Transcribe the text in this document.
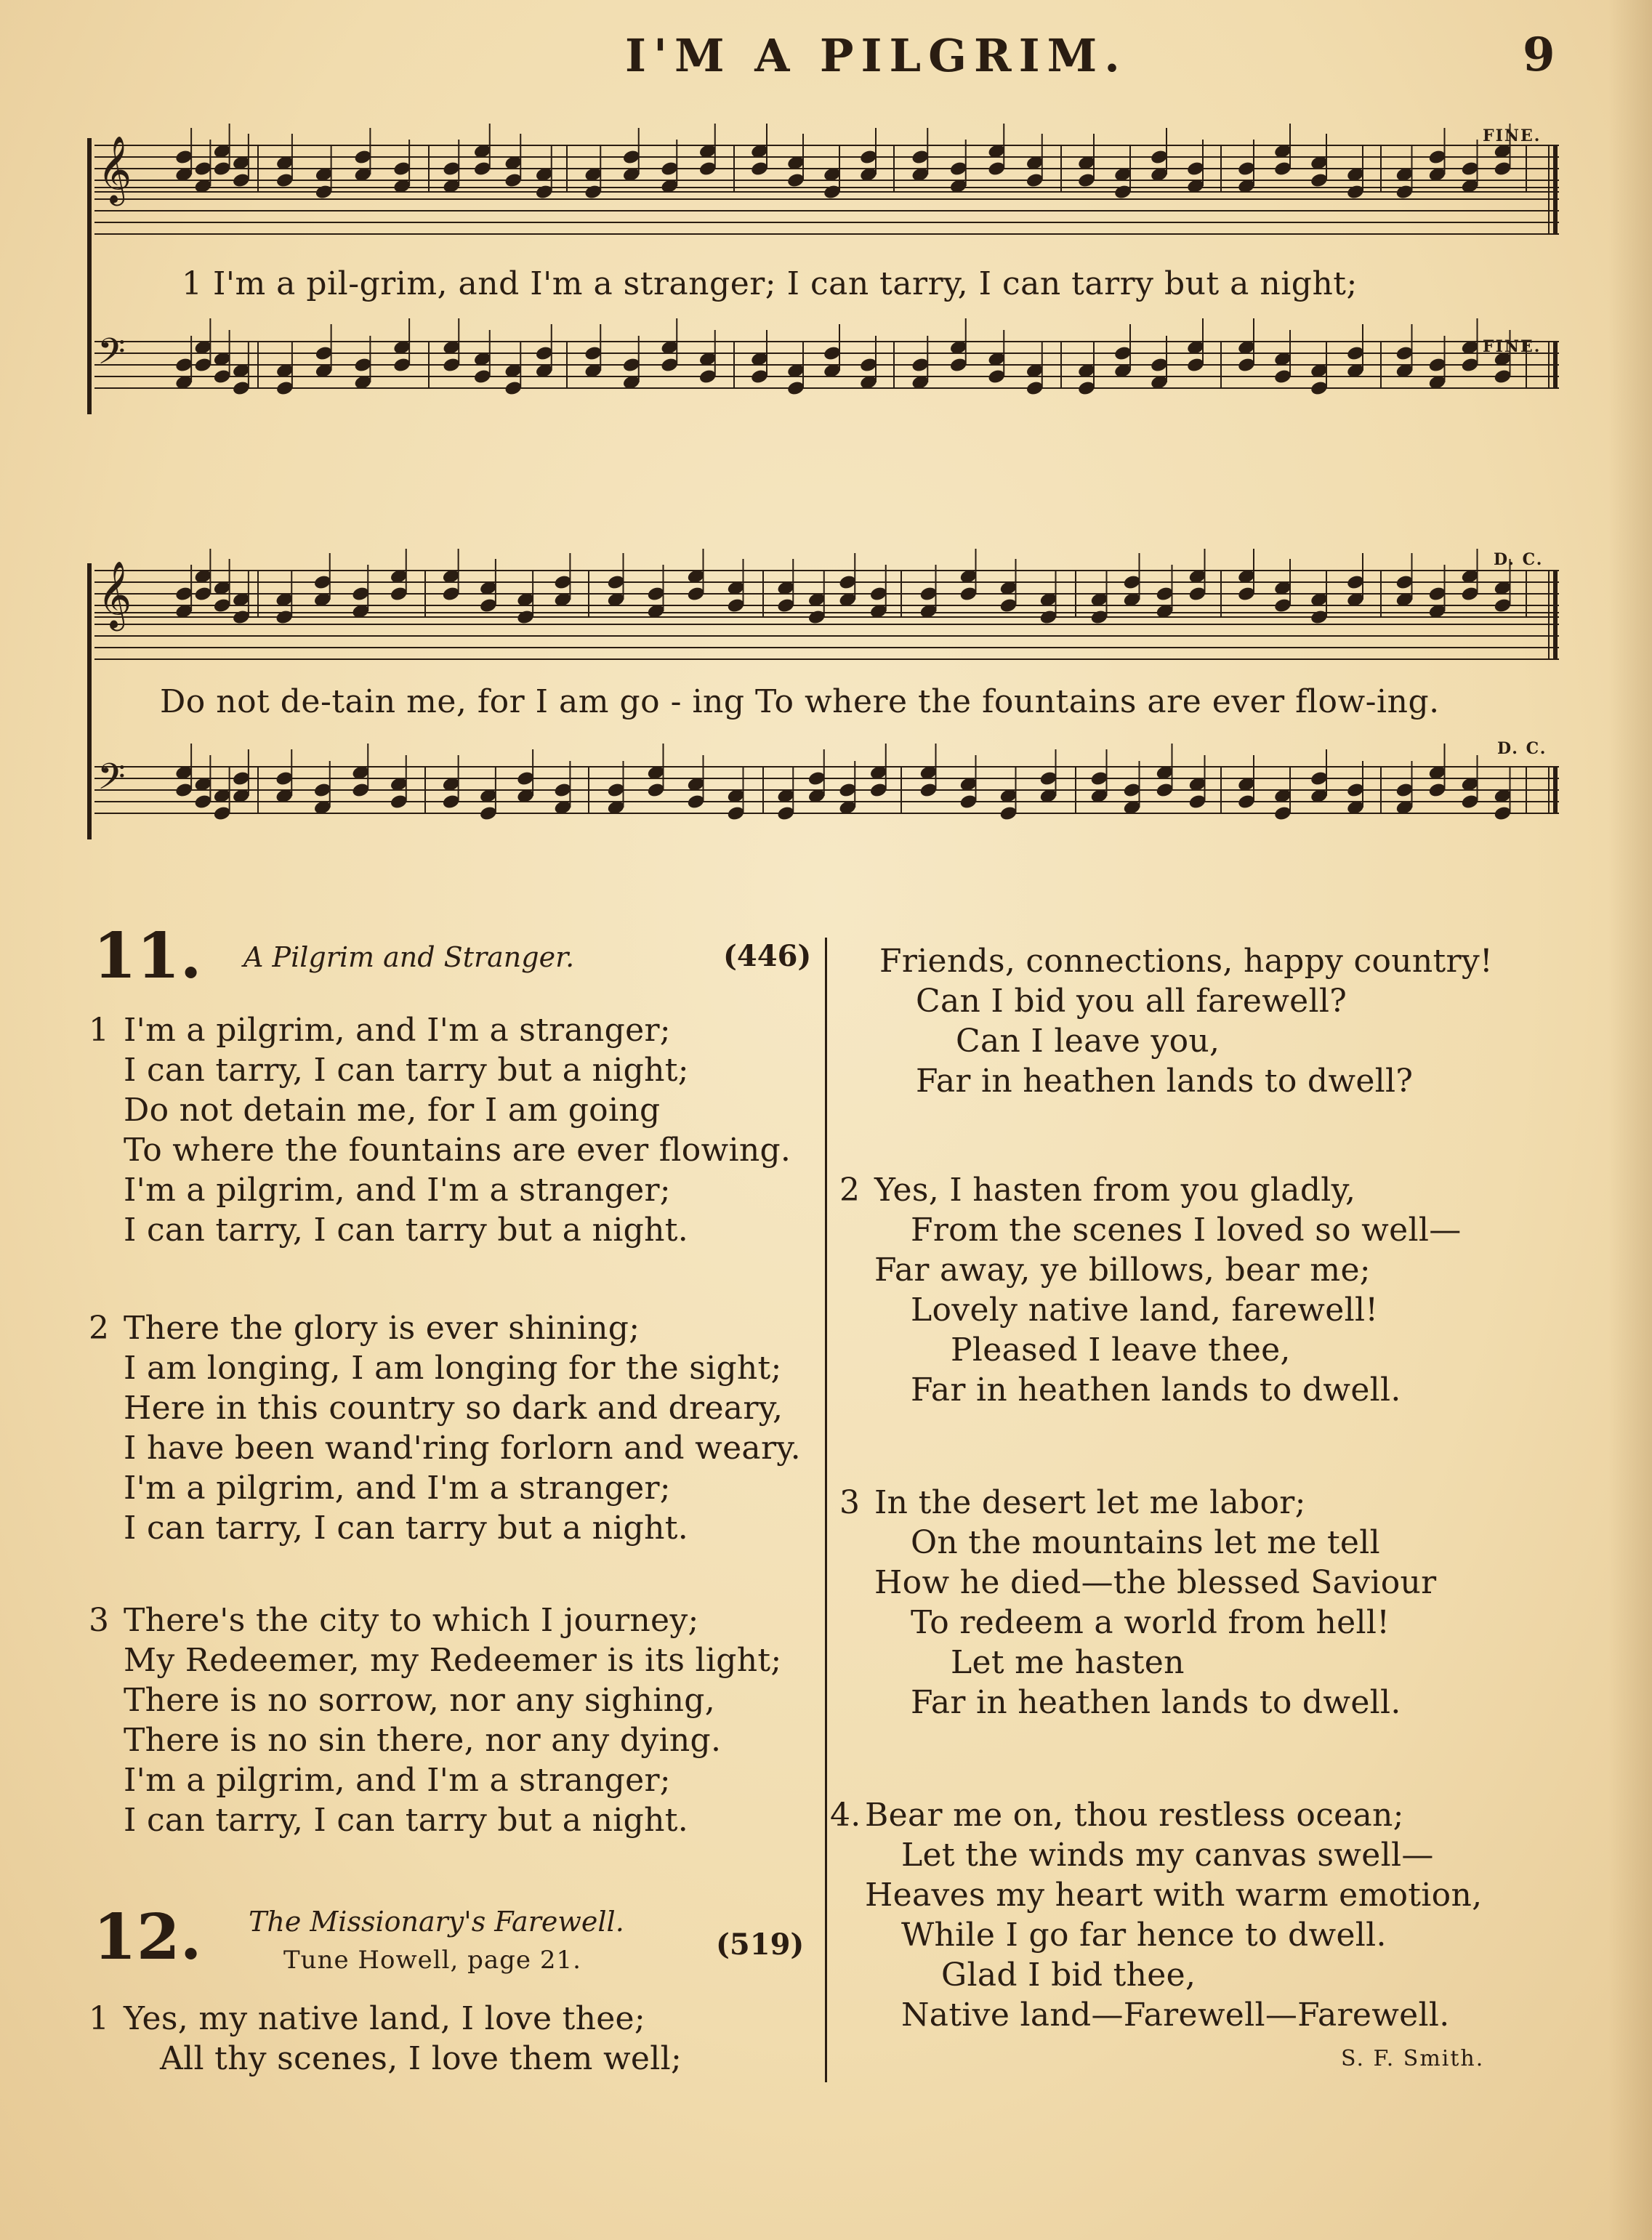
I'M A PILGRIM.	9
𝄞
𝄢
1 I'm a pil-grim, and I'm a stranger; I can tarry, I can tarry but a night;
FINE.
FINE.
𝄞
𝄢
Do not de-tain me, for I am go - ing To where the fountains are ever flow-ing.
D. C.
D. C.
11. A Pilgrim and Stranger.	(446)
1 I'm a pilgrim, and I'm a stranger;
I can tarry, I can tarry but a night;
Do not detain me, for I am going
To where the fountains are ever flowing.
I'm a pilgrim, and I'm a stranger;
I can tarry, I can tarry but a night.
2 There the glory is ever shining;
I am longing, I am longing for the sight;
Here in this country so dark and dreary,
I have been wand'ring forlorn and weary.
I'm a pilgrim, and I'm a stranger;
I can tarry, I can tarry but a night.
3 There's the city to which I journey;
My Redeemer, my Redeemer is its light;
There is no sorrow, nor any sighing,
There is no sin there, nor any dying.
I'm a pilgrim, and I'm a stranger;
I can tarry, I can tarry but a night.
12. The Missionary's Farewell.
Tune Howell, page 21.	(519)
1 Yes, my native land, I love thee;
All thy scenes, I love them well;
Friends, connections, happy country!
Can I bid you all farewell?
Can I leave you,
Far in heathen lands to dwell?
2 Yes, I hasten from you gladly,
From the scenes I loved so well—
Far away, ye billows, bear me;
Lovely native land, farewell!
Pleased I leave thee,
Far in heathen lands to dwell.
3 In the desert let me labor;
On the mountains let me tell
How he died—the blessed Saviour
To redeem a world from hell!
Let me hasten
Far in heathen lands to dwell.
4. Bear me on, thou restless ocean;
Let the winds my canvas swell—
Heaves my heart with warm emotion,
While I go far hence to dwell.
Glad I bid thee,
Native land—Farewell—Farewell.
S. F. Smith.
